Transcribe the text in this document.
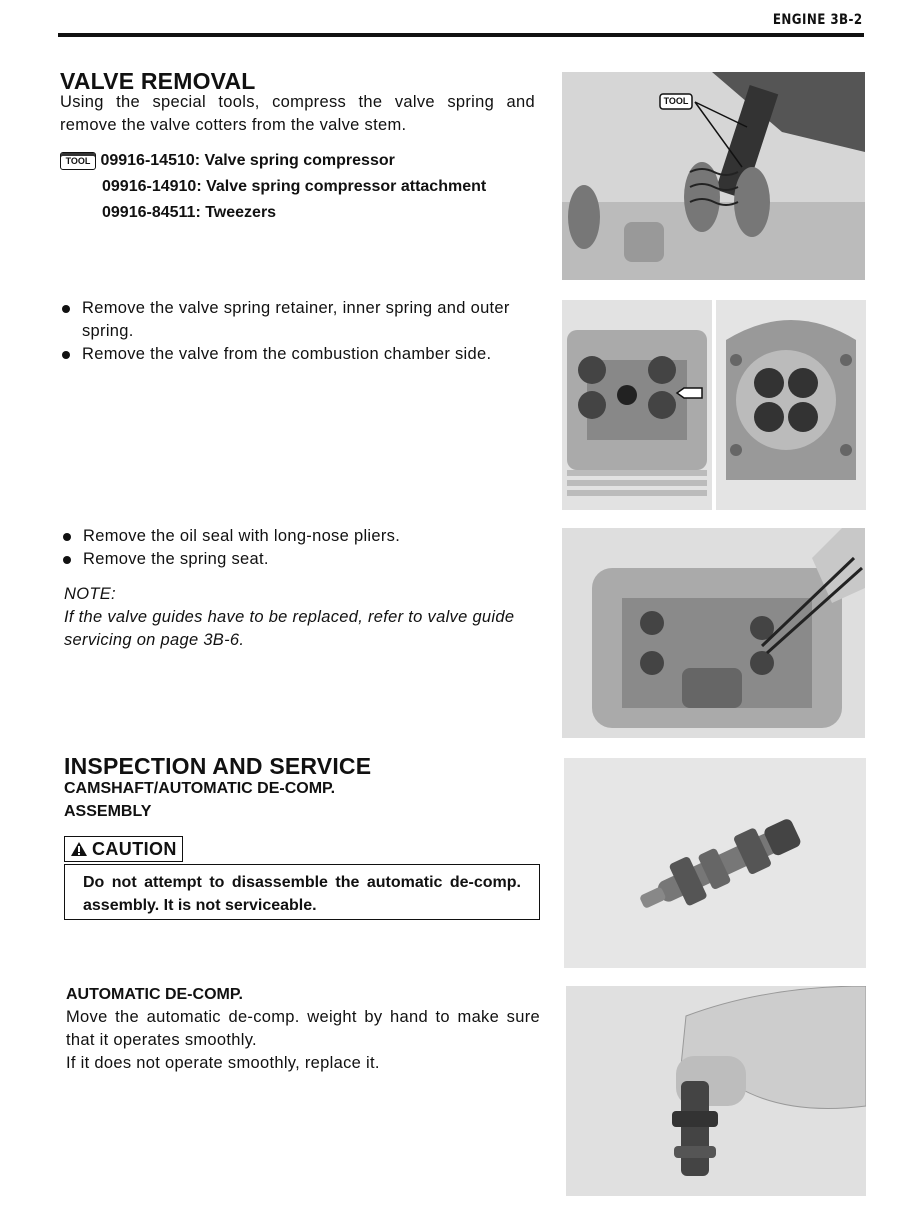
ENGINE 3B-2
VALVE REMOVAL
Using the special tools, compress the valve spring and remove the valve cotters from the valve stem.
TOOL 09916-14510: Valve spring compressor
09916-14910: Valve spring compressor attachment
09916-84511: Tweezers
Remove the valve spring retainer, inner spring and outer spring.
Remove the valve from the combustion chamber side.
Remove the oil seal with long-nose pliers.
Remove the spring seat.
NOTE:
If the valve guides have to be replaced, refer to valve guide servicing on page 3B-6.
INSPECTION AND SERVICE
CAMSHAFT/AUTOMATIC DE-COMP.
ASSEMBLY
CAUTION
Do not attempt to disassemble the automatic de-comp. assembly. It is not serviceable.
AUTOMATIC DE-COMP.
Move the automatic de-comp. weight by hand to make sure that it operates smoothly.
If it does not operate smoothly, replace it.
TOOL
